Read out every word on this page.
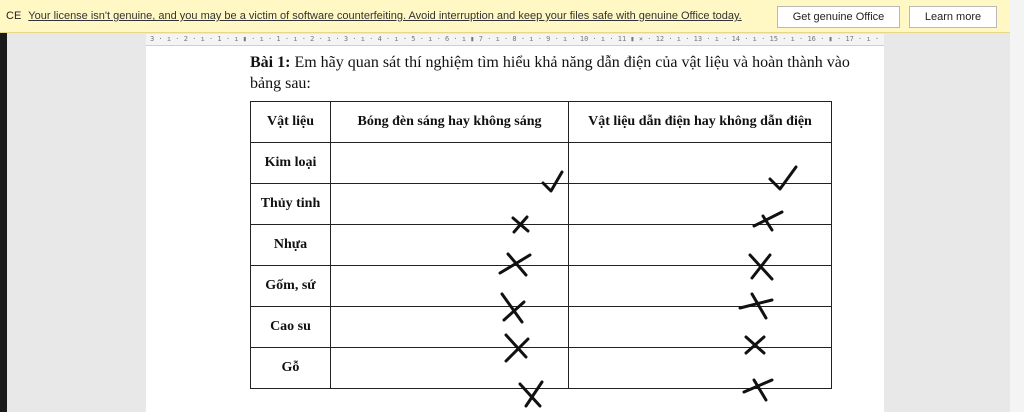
CE Your license isn't genuine, and you may be a victim of software counterfeiting. Avoid interruption and keep your files safe with genuine Office today.	Get genuine Office	Learn more
3 · ı · 2 · ı · 1 · ı ▮ · ı · 1 · ı · 2 · ı · 3 · ı · 4 · ı · 5 · ı · 6 · ı ▮ 7 · ı · 8 · ı · 9 · ı · 10 · ı · 11 ▮ ⨯ · 12 · ı · 13 · ı · 14 · ı · 15 · ı · 16 · ▮ · 17 · ı ·
Bài 1: Em hãy quan sát thí nghiệm tìm hiểu khả năng dẫn điện của vật liệu và hoàn thành vào bảng sau:
Vật liệu	Bóng đèn sáng hay không sáng	Vật liệu dẫn điện hay không dẫn điện
Kim loại	

Thủy tinh	

Nhựa	

Gốm, sứ	

Cao su	

Gỗ	
